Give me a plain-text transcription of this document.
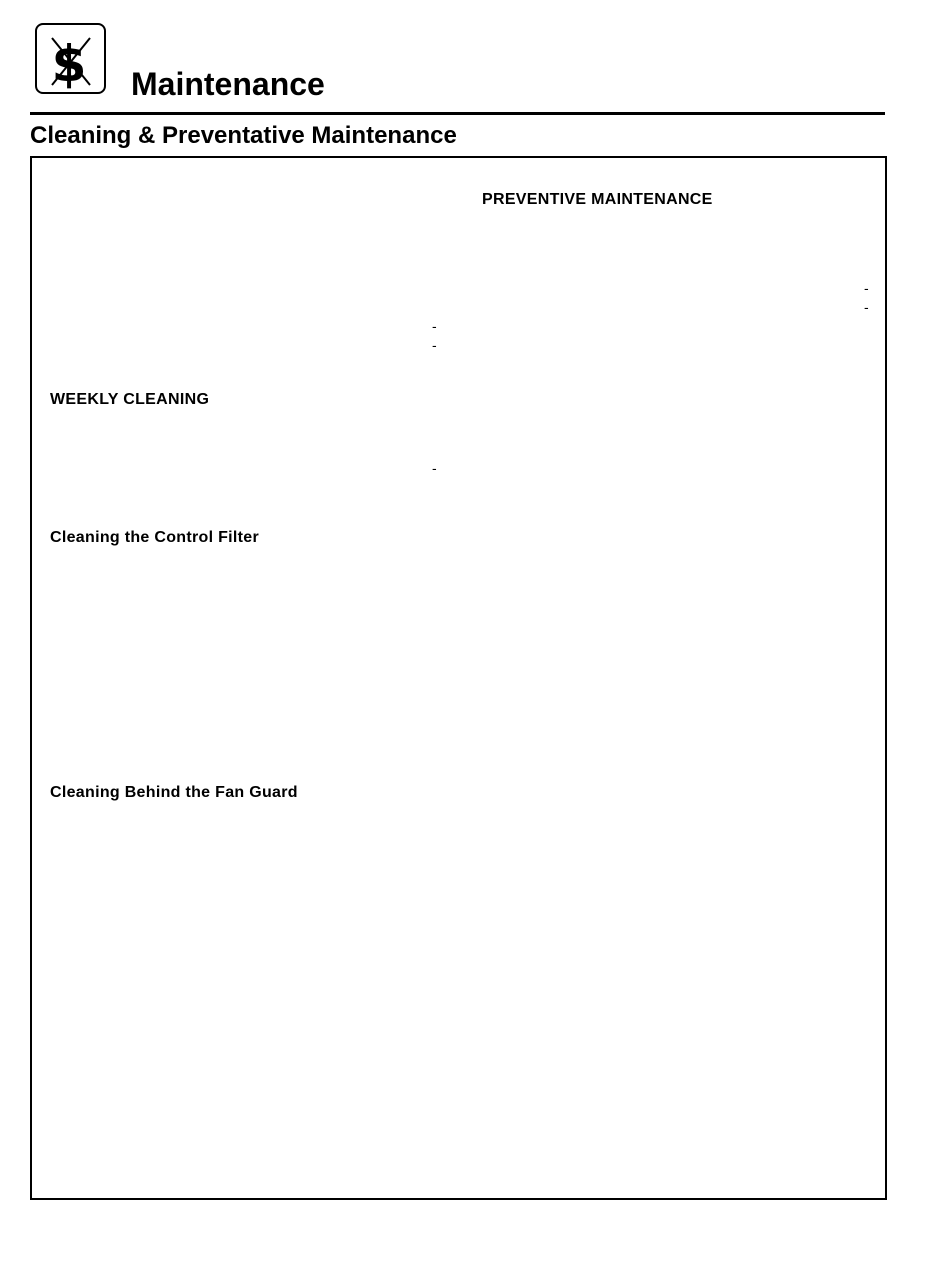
$ Maintenance
Cleaning & Preventative Maintenance
PREVENTIVE MAINTENANCE
-
-
-
-
WEEKLY CLEANING
-
Cleaning the Control Filter
Cleaning Behind the Fan Guard
